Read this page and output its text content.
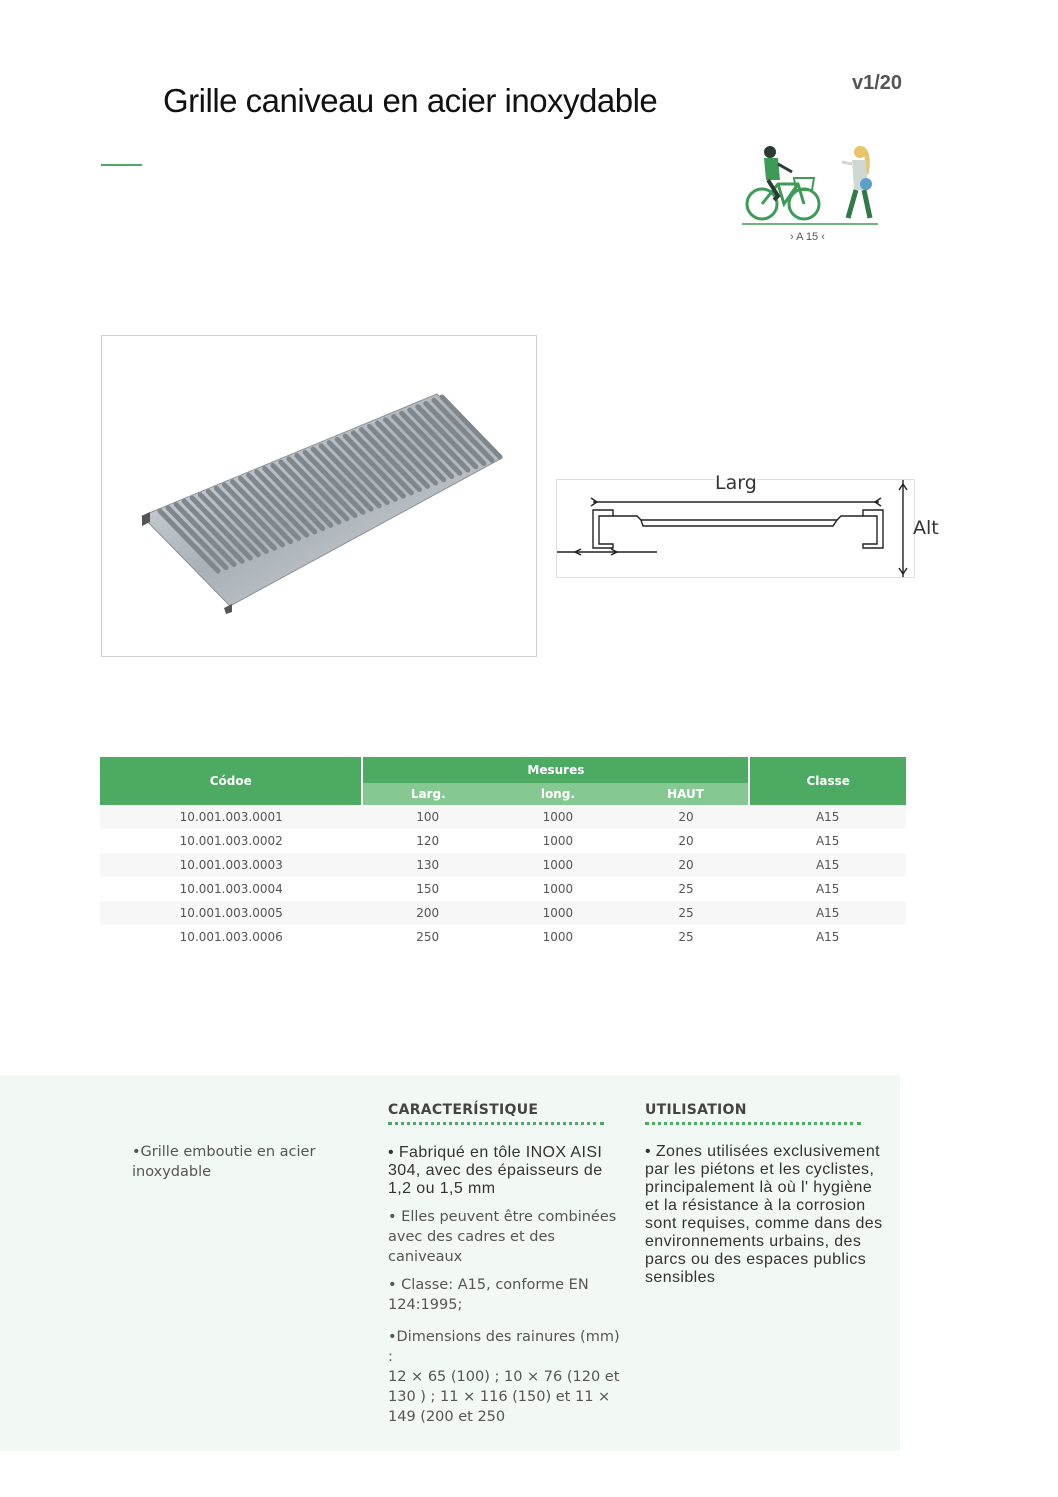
Grille caniveau en acier inoxydable	v1/20
› A 15 ‹
Larg
Alt
Códoe	Mesures			Classe
	Larg.	long.	HAUT	
10.001.003.0001	100	1000	20	A15
10.001.003.0002	120	1000	20	A15
10.001.003.0003	130	1000	20	A15
10.001.003.0004	150	1000	25	A15
10.001.003.0005	200	1000	25	A15
10.001.003.0006	250	1000	25	A15
•Grille emboutie en acier inoxydable
CARACTERÍSTIQUE
• Fabriqué en tôle INOX AISI 304, avec des épaisseurs de 1,2 ou 1,5 mm
• Elles peuvent être combinées avec des cadres et des caniveaux
• Classe: A15, conforme EN 124:1995;
•Dimensions des rainures (mm) :
12 × 65 (100) ; 10 × 76 (120 et 130 ) ; 11 × 116 (150) et 11 × 149 (200 et 250
UTILISATION
• Zones utilisées exclusivement par les piétons et les cyclistes, principalement là où l' hygiène et la résistance à la corrosion sont requises, comme dans des environnements urbains, des parcs ou des espaces publics sensibles
